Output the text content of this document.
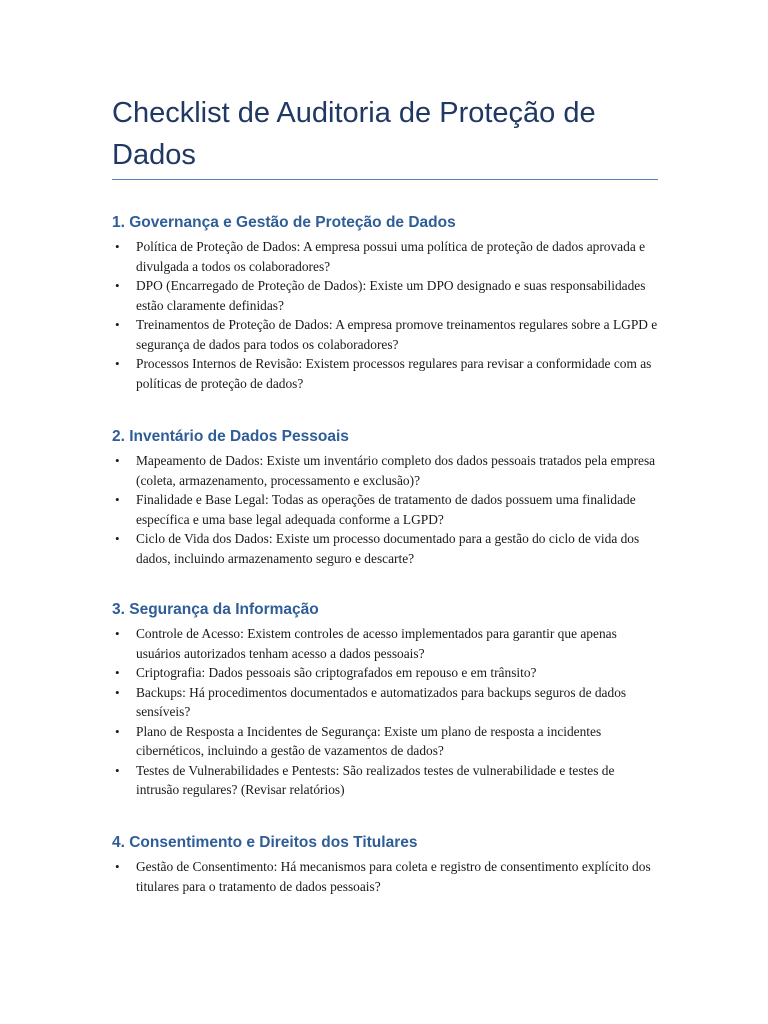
Checklist de Auditoria de Proteção de Dados
1. Governança e Gestão de Proteção de Dados
• Política de Proteção de Dados: A empresa possui uma política de proteção de dados aprovada e divulgada a todos os colaboradores?
• DPO (Encarregado de Proteção de Dados): Existe um DPO designado e suas responsabilidades estão claramente definidas?
• Treinamentos de Proteção de Dados: A empresa promove treinamentos regulares sobre a LGPD e segurança de dados para todos os colaboradores?
• Processos Internos de Revisão: Existem processos regulares para revisar a conformidade com as políticas de proteção de dados?
2. Inventário de Dados Pessoais
• Mapeamento de Dados: Existe um inventário completo dos dados pessoais tratados pela empresa (coleta, armazenamento, processamento e exclusão)?
• Finalidade e Base Legal: Todas as operações de tratamento de dados possuem uma finalidade específica e uma base legal adequada conforme a LGPD?
• Ciclo de Vida dos Dados: Existe um processo documentado para a gestão do ciclo de vida dos dados, incluindo armazenamento seguro e descarte?
3. Segurança da Informação
• Controle de Acesso: Existem controles de acesso implementados para garantir que apenas usuários autorizados tenham acesso a dados pessoais?
• Criptografia: Dados pessoais são criptografados em repouso e em trânsito?
• Backups: Há procedimentos documentados e automatizados para backups seguros de dados sensíveis?
• Plano de Resposta a Incidentes de Segurança: Existe um plano de resposta a incidentes cibernéticos, incluindo a gestão de vazamentos de dados?
• Testes de Vulnerabilidades e Pentests: São realizados testes de vulnerabilidade e testes de intrusão regulares? (Revisar relatórios)
4. Consentimento e Direitos dos Titulares
• Gestão de Consentimento: Há mecanismos para coleta e registro de consentimento explícito dos titulares para o tratamento de dados pessoais?
